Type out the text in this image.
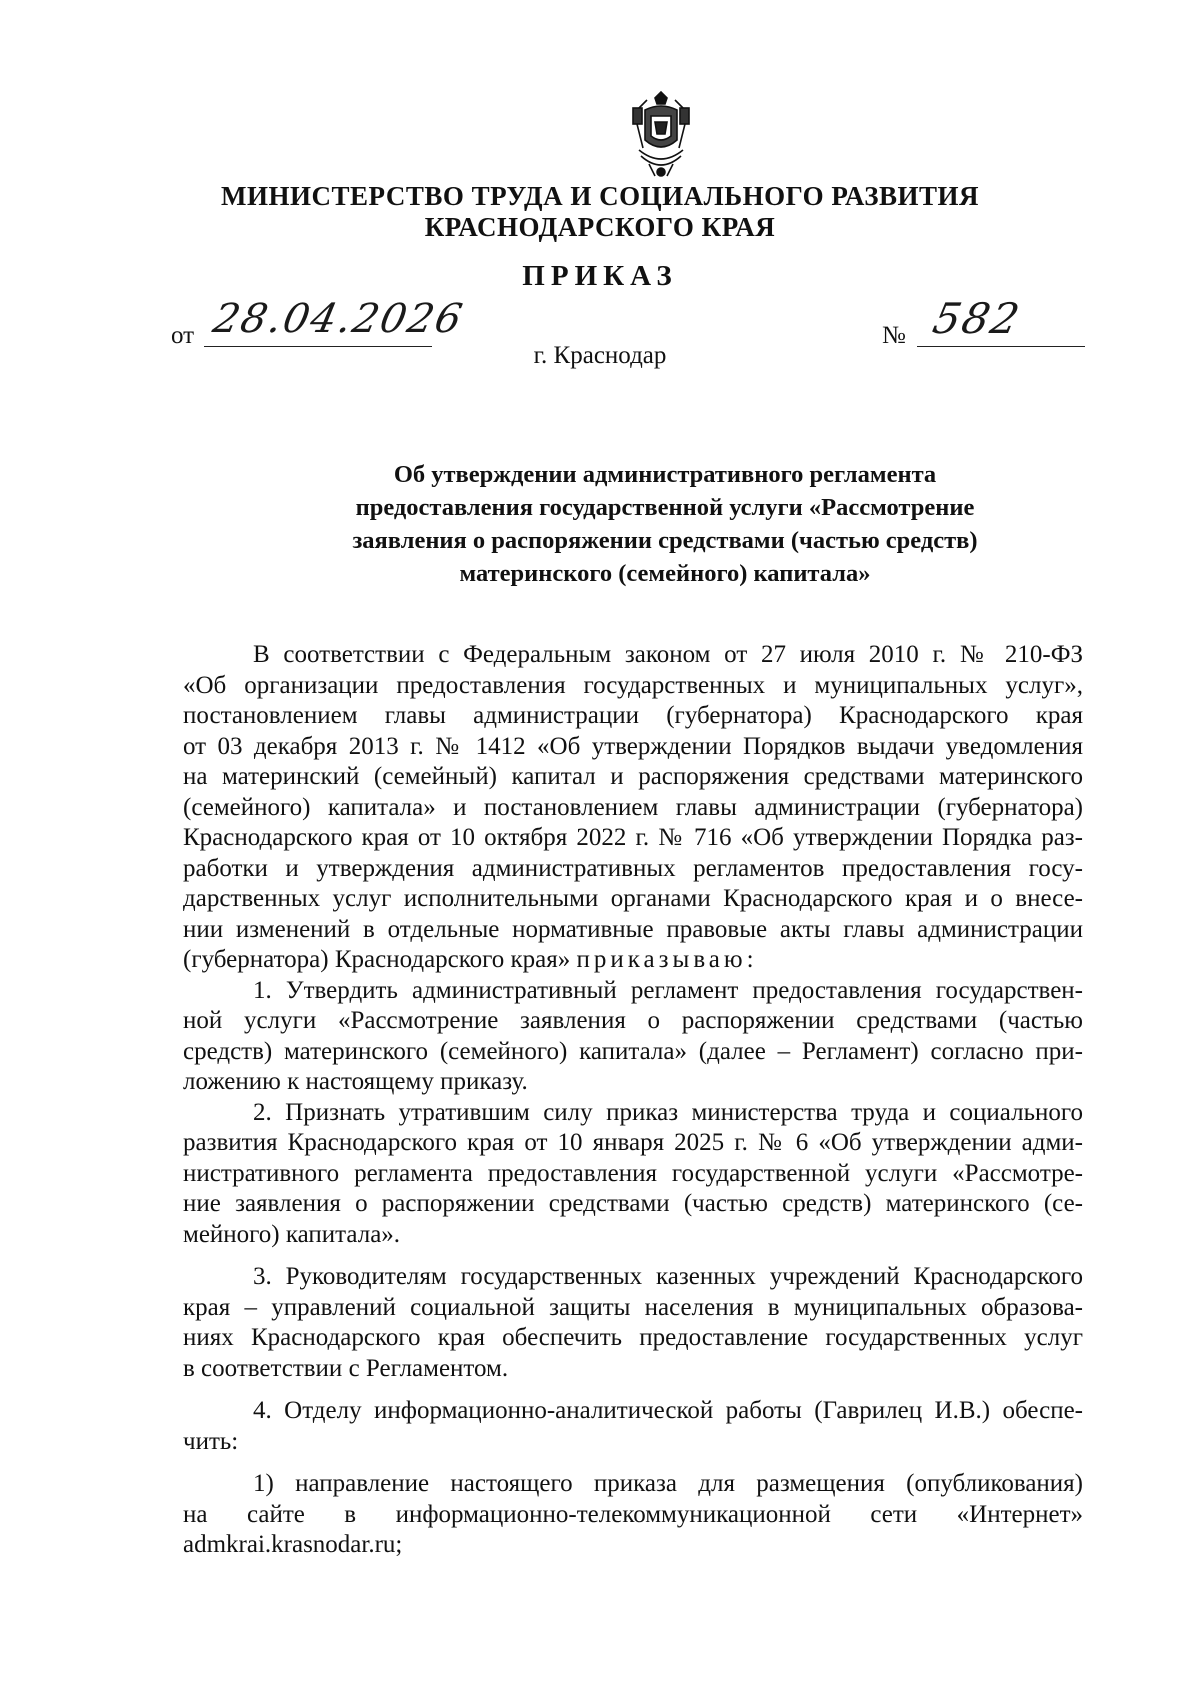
МИНИСТЕРСТВО ТРУДА И СОЦИАЛЬНОГО РАЗВИТИЯ
КРАСНОДАРСКОГО КРАЯ
ПРИКАЗ
от 28.04.2026	№ 582
г. Краснодар
Об утверждении административного регламента
предоставления государственной услуги «Рассмотрение
заявления о распоряжении средствами (частью средств)
материнского (семейного) капитала»

В соответствии с Федеральным законом от 27 июля 2010 г. № 210-ФЗ
«Об организации предоставления государственных и муниципальных услуг»,
постановлением главы администрации (губернатора) Краснодарского края
от 03 декабря 2013 г. № 1412 «Об утверждении Порядков выдачи уведомления
на материнский (семейный) капитал и распоряжения средствами материнского
(семейного) капитала» и постановлением главы администрации (губернатора)
Краснодарского края от 10 октября 2022 г. № 716 «Об утверждении Порядка раз-
работки и утверждения административных регламентов предоставления госу-
дарственных услуг исполнительными органами Краснодарского края и о внесе-
нии изменений в отдельные нормативные правовые акты главы администрации
(губернатора) Краснодарского края» приказываю:

1. Утвердить административный регламент предоставления государствен-
ной услуги «Рассмотрение заявления о распоряжении средствами (частью
средств) материнского (семейного) капитала» (далее – Регламент) согласно при-
ложению к настоящему приказу.

2. Признать утратившим силу приказ министерства труда и социального
развития Краснодарского края от 10 января 2025 г. № 6 «Об утверждении адми-
нистративного регламента предоставления государственной услуги «Рассмотре-
ние заявления о распоряжении средствами (частью средств) материнского (се-
мейного) капитала».

3. Руководителям государственных казенных учреждений Краснодарского
края – управлений социальной защиты населения в муниципальных образова-
ниях Краснодарского края обеспечить предоставление государственных услуг
в соответствии с Регламентом.

4. Отделу информационно-аналитической работы (Гаврилец И.В.) обеспе-
чить:

1) направление настоящего приказа для размещения (опубликования)
на сайте в информационно-телекоммуникационной сети «Интернет»
admkrai.krasnodar.ru;
